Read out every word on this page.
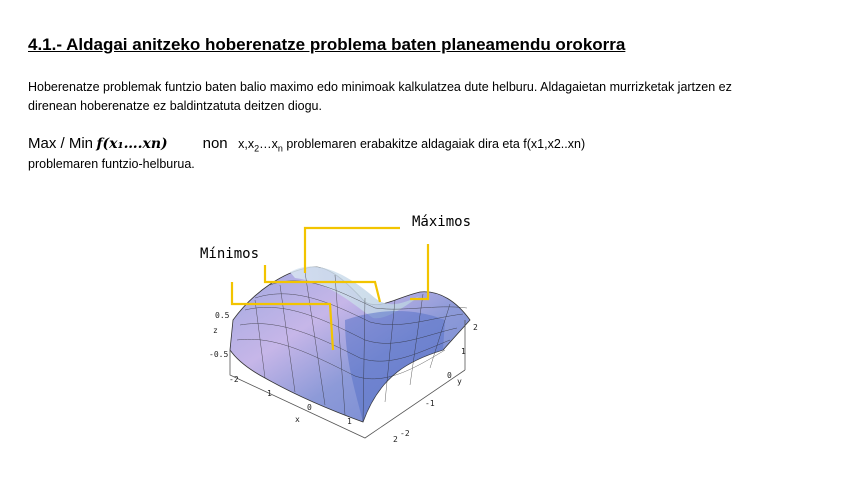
4.1.- Aldagai anitzeko hoberenatze problema baten planeamendu orokorra
Hoberenatze problemak funtzio baten balio maximo edo minimoak kalkulatzea dute helburu. Aldagaietan murrizketak jartzen ez direnean hoberenatze ez baldintzatuta deitzen diogu.
Max / Min f(x₁….xn) non $x,x_2\dots x_n$ problemaren erabakitze aldagaiak dira eta f(x1,x2..xn)
problemaren funtzio-helburua.
Máximos
Mínimos
0.5
z
-0.5
-2
1
0
1
2
x
2
1
0
-1
-2
y
